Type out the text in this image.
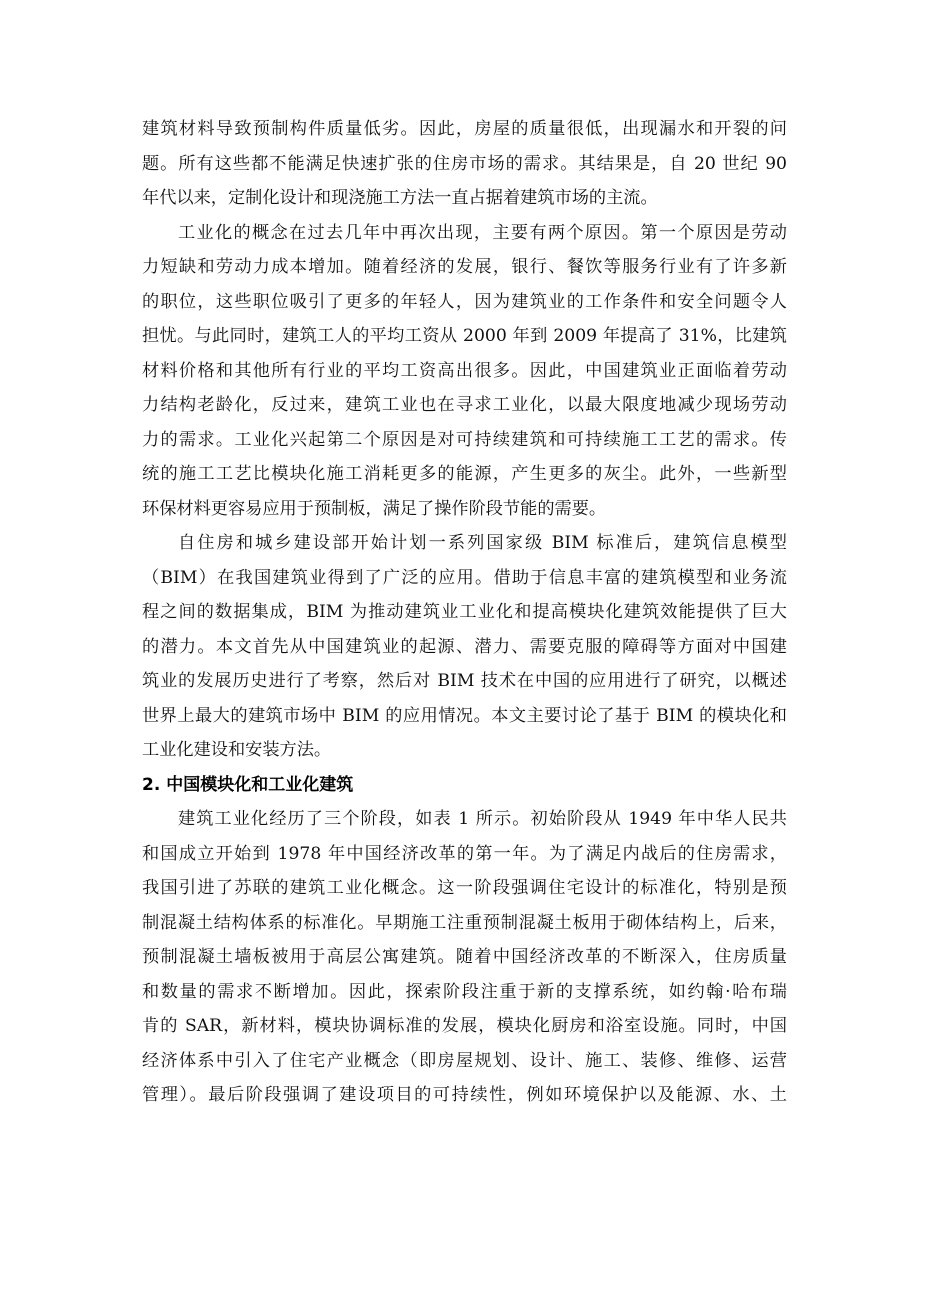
建筑材料导致预制构件质量低劣。因此，房屋的质量很低，出现漏水和开裂的问
题。所有这些都不能满足快速扩张的住房市场的需求。其结果是，自 20 世纪 90
年代以来，定制化设计和现浇施工方法一直占据着建筑市场的主流。
工业化的概念在过去几年中再次出现，主要有两个原因。第一个原因是劳动
力短缺和劳动力成本增加。随着经济的发展，银行、餐饮等服务行业有了许多新
的职位，这些职位吸引了更多的年轻人，因为建筑业的工作条件和安全问题令人
担忧。与此同时，建筑工人的平均工资从 2000 年到 2009 年提高了 31%，比建筑
材料价格和其他所有行业的平均工资高出很多。因此，中国建筑业正面临着劳动
力结构老龄化，反过来，建筑工业也在寻求工业化，以最大限度地减少现场劳动
力的需求。工业化兴起第二个原因是对可持续建筑和可持续施工工艺的需求。传
统的施工工艺比模块化施工消耗更多的能源，产生更多的灰尘。此外，一些新型
环保材料更容易应用于预制板，满足了操作阶段节能的需要。
自住房和城乡建设部开始计划一系列国家级 BIM 标准后，建筑信息模型
（BIM）在我国建筑业得到了广泛的应用。借助于信息丰富的建筑模型和业务流
程之间的数据集成，BIM 为推动建筑业工业化和提高模块化建筑效能提供了巨大
的潜力。本文首先从中国建筑业的起源、潜力、需要克服的障碍等方面对中国建
筑业的发展历史进行了考察，然后对 BIM 技术在中国的应用进行了研究，以概述
世界上最大的建筑市场中 BIM 的应用情况。本文主要讨论了基于 BIM 的模块化和
工业化建设和安装方法。
2. 中国模块化和工业化建筑
建筑工业化经历了三个阶段，如表 1 所示。初始阶段从 1949 年中华人民共
和国成立开始到 1978 年中国经济改革的第一年。为了满足内战后的住房需求，
我国引进了苏联的建筑工业化概念。这一阶段强调住宅设计的标准化，特别是预
制混凝土结构体系的标准化。早期施工注重预制混凝土板用于砌体结构上，后来，
预制混凝土墙板被用于高层公寓建筑。随着中国经济改革的不断深入，住房质量
和数量的需求不断增加。因此，探索阶段注重于新的支撑系统，如约翰·哈布瑞
肯的 SAR，新材料，模块协调标准的发展，模块化厨房和浴室设施。同时，中国
经济体系中引入了住宅产业概念（即房屋规划、设计、施工、装修、维修、运营
管理）。最后阶段强调了建设项目的可持续性，例如环境保护以及能源、水、土
